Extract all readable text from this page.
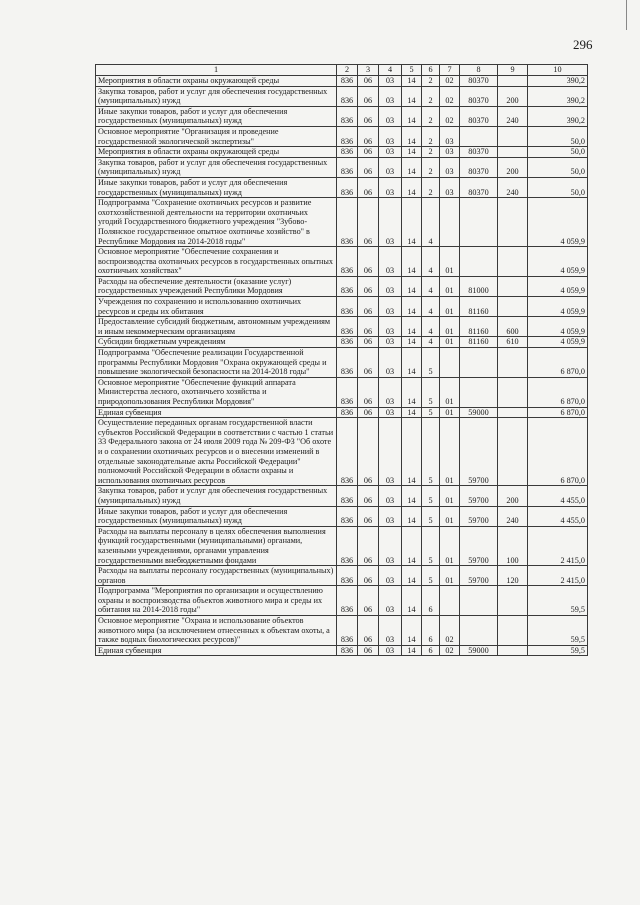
296
1	2	3	4	5	6	7	8	9	10
Мероприятия в области охраны окружающей среды	836	06	03	14	2	02	80370		390,2
Закупка товаров, работ и услуг для обеспечения государственных (муниципальных) нужд	836	06	03	14	2	02	80370	200	390,2
Иные закупки товаров, работ и услуг для обеспечения государственных (муниципальных) нужд	836	06	03	14	2	02	80370	240	390,2
Основное мероприятие "Организация и проведение государственной экологической экспертизы"	836	06	03	14	2	03			50,0
Мероприятия в области охраны окружающей среды	836	06	03	14	2	03	80370		50,0
Закупка товаров, работ и услуг для обеспечения государственных (муниципальных) нужд	836	06	03	14	2	03	80370	200	50,0
Иные закупки товаров, работ и услуг для обеспечения государственных (муниципальных) нужд	836	06	03	14	2	03	80370	240	50,0
Подпрограмма "Сохранение охотничьих ресурсов и развитие охотхозяйственной деятельности на территории охотничьих угодий Государственного бюджетного учреждения "Зубово-Полянское государственное опытное охотничье хозяйство" в Республике Мордовия на 2014-2018 годы"	836	06	03	14	4				4 059,9
Основное мероприятие "Обеспечение сохранения и воспроизводства охотничьих ресурсов в государственных опытных охотничьих хозяйствах"	836	06	03	14	4	01			4 059,9
Расходы на обеспечение деятельности (оказание услуг) государственных учреждений Республики Мордовия	836	06	03	14	4	01	81000		4 059,9
Учреждения по сохранению и использованию охотничьих ресурсов и среды их обитания	836	06	03	14	4	01	81160		4 059,9
Предоставление субсидий бюджетным, автономным учреждениям и иным некоммерческим организациям	836	06	03	14	4	01	81160	600	4 059,9
Субсидии бюджетным учреждениям	836	06	03	14	4	01	81160	610	4 059,9
Подпрограмма "Обеспечение реализации Государственной программы Республики Мордовия "Охрана окружающей среды и повышение экологической безопасности на 2014-2018 годы"	836	06	03	14	5				6 870,0
Основное мероприятие "Обеспечение функций аппарата Министерства лесного, охотничьего хозяйства и природопользования Республики Мордовия"	836	06	03	14	5	01			6 870,0
Единая субвенция	836	06	03	14	5	01	59000		6 870,0
Осуществление переданных органам государственной власти субъектов Российской Федерации в соответствии с частью 1 статьи 33 Федерального закона от 24 июля 2009 года № 209-ФЗ "Об охоте и о сохранении охотничьих ресурсов и о внесении изменений в отдельные законодательные акты Российской Федерации" полномочий Российской Федерации в области охраны и использования охотничьих ресурсов	836	06	03	14	5	01	59700		6 870,0
Закупка товаров, работ и услуг для обеспечения государственных (муниципальных) нужд	836	06	03	14	5	01	59700	200	4 455,0
Иные закупки товаров, работ и услуг для обеспечения государственных (муниципальных) нужд	836	06	03	14	5	01	59700	240	4 455,0
Расходы на выплаты персоналу в целях обеспечения выполнения функций государственными (муниципальными) органами, казенными учреждениями, органами управления государственными внебюджетными фондами	836	06	03	14	5	01	59700	100	2 415,0
Расходы на выплаты персоналу государственных (муниципальных) органов	836	06	03	14	5	01	59700	120	2 415,0
Подпрограмма "Мероприятия по организации и осуществлению охраны и воспроизводства объектов животного мира и среды их обитания на 2014-2018 годы"	836	06	03	14	6				59,5
Основное мероприятие "Охрана и использование объектов животного мира (за исключением отнесенных к объектам охоты, а также водных биологических ресурсов)"	836	06	03	14	6	02			59,5
Единая субвенция	836	06	03	14	6	02	59000		59,5
